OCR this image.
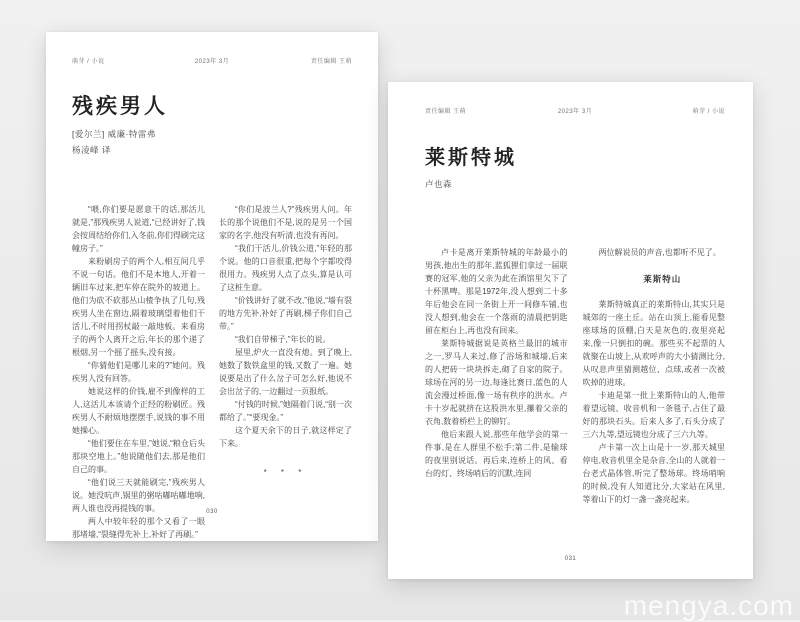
萌芽 / 小说	2023年 3月	责任编辑 王萌
残疾男人
[爱尔兰] 威廉·特雷弗
杨凌峰 译

“喂,你们要是愿意干的话,那活儿就是,”那残疾男人说道,“已经讲好了,钱会按周结给你们,入冬前,你们得刷完这幢房子。”

来粉刷房子的两个人,相互间几乎不说一句话。他们不是本地人,开着一辆旧车过来,把车停在院外的坡道上。他们为砍不砍那丛山楂争执了几句,残疾男人坐在窗边,隔着玻璃望着他们干活儿,不时用拐杖敲一敲地板。来看房子的两个人离开之后,年长的那个递了根烟,另一个摇了摇头,没有接。

“你猜他们是哪儿来的?”她问。残疾男人没有回答。

她说这样的价钱,雇不到像样的工人,这活儿本该请个正经的粉刷匠。残疾男人不耐烦地摆摆手,说钱的事不用她操心。

“他们要住在车里,”她说,“粮仓后头那块空地上。”他说随他们去,那是他们自己的事。

“他们说三天就能刷完,”残疾男人说。她没吭声,锅里的粥咕嘟咕嘟地响,两人谁也没再提钱的事。

两人中较年轻的那个又看了一眼那堵墙,“裂缝得先补上,补好了再刷。”

“你们是波兰人?”残疾男人问。年长的那个说他们不是,说的是另一个国家的名字,他没有听清,也没有再问。

“我们干活儿,价钱公道,”年轻的那个说。他的口音很重,把每个字都咬得很用力。残疾男人点了点头,算是认可了这桩生意。

“价钱讲好了就不改,”他说,“墙有裂的地方先补,补好了再刷,梯子你们自己带。”

“我们自带梯子,”年长的说。

屋里,炉火一直没有熄。到了晚上,她数了数铁盒里的钱,又数了一遍。她说要是出了什么岔子可怎么好,他说不会出岔子的,一边翻过一页报纸。

“付钱的时候,”她隔着门说,“别一次都给了。”“要现金。”

这个夏天余下的日子,就这样定了下来。

* * *

030
责任编辑 王萌	2023年 3月	萌芽 / 小说
莱斯特城
卢也森

卢卡是离开莱斯特城的年龄最小的男孩,他出生的那年,蓝狐狸们拿过一届联赛的冠军,他的父亲为此在酒馆里欠下了十杯黑啤。那是1972年,没人想到二十多年后他会在同一条街上开一间修车铺,也没人想到,他会在一个落雨的清晨把钥匙留在柜台上,再也没有回来。

莱斯特城据说是英格兰最旧的城市之一,罗马人来过,修了浴场和城墙,后来的人把砖一块块拆走,砌了自家的院子。球场在河的另一边,每逢比赛日,蓝色的人流会漫过桥面,像一场有秩序的洪水。卢卡十岁起就挤在这股洪水里,攥着父亲的衣角,数着桥栏上的铆钉。

他后来跟人说,那些年他学会的第一件事,是在人群里不松手;第二件,是输球的夜里别说话。再后来,连桥上的风、看台的灯、终场哨后的沉默,连同

两位解说员的声音,也都听不见了。

莱斯特山

莱斯特城真正的莱斯特山,其实只是城郊的一座土丘。站在山顶上,能看见整座球场的顶棚,白天是灰色的,夜里亮起来,像一只倒扣的碗。那些买不起票的人就聚在山坡上,从欢呼声的大小猜测比分,从叹息声里猜测越位、点球,或者一次被吹掉的进球。

卡迪是第一批上莱斯特山的人,他带着望远镜、收音机和一条毯子,占住了最好的那块石头。后来人多了,石头分成了三六九等,望远镜也分成了三六九等。

卢卡第一次上山是十一岁,那天城里停电,收音机里全是杂音,全山的人就着一台老式晶体管,听完了整场球。终场哨响的时候,没有人知道比分,大家站在风里,等着山下的灯一盏一盏亮起来。

031
mengya.com
